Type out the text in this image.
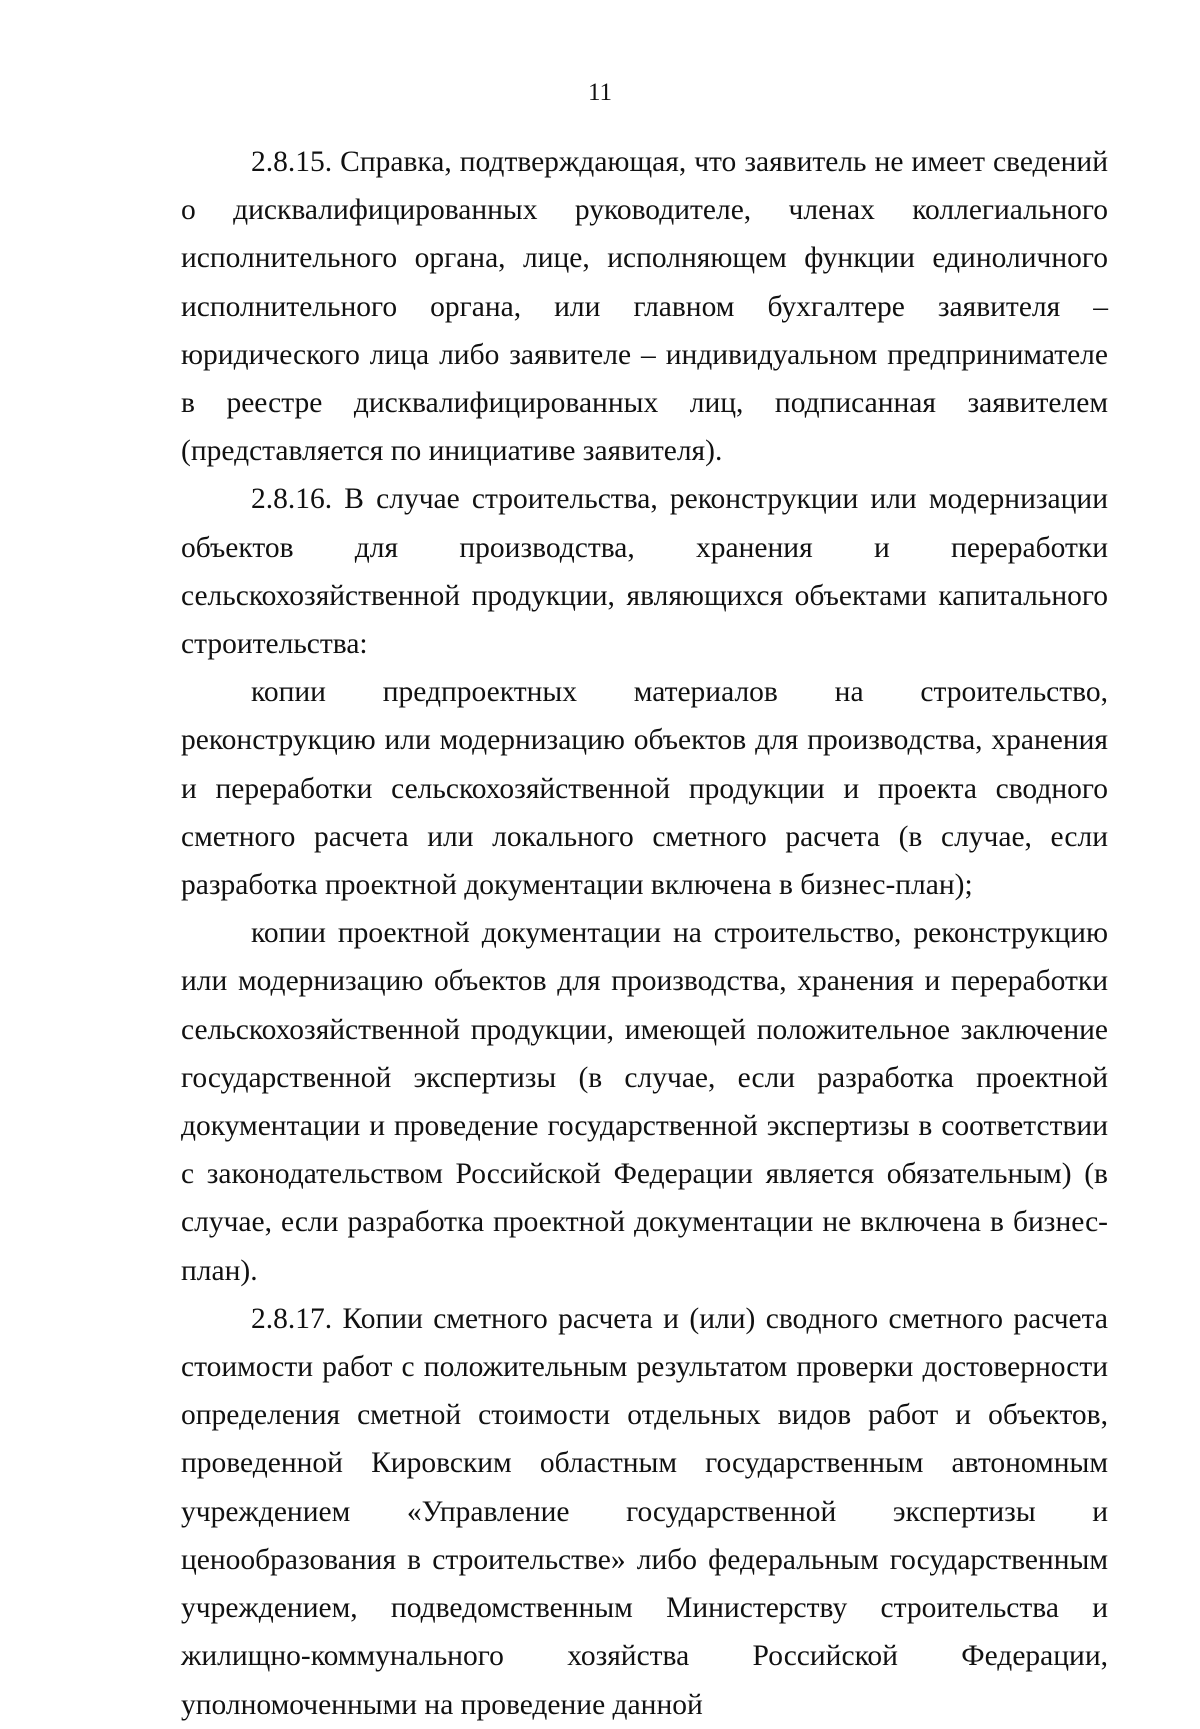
11

2.8.15. Справка, подтверждающая, что заявитель не имеет сведений о дисквалифицированных руководителе, членах коллегиального исполнительного органа, лице, исполняющем функции единоличного исполнительного органа, или главном бухгалтере заявителя – юридического лица либо заявителе – индивидуальном предпринимателе в реестре дисквалифицированных лиц, подписанная заявителем (представляется по инициативе заявителя).

2.8.16. В случае строительства, реконструкции или модернизации объектов для производства, хранения и переработки сельскохозяйственной продукции, являющихся объектами капитального строительства:

копии предпроектных материалов на строительство, реконструкцию или модернизацию объектов для производства, хранения и переработки сельскохозяйственной продукции и проекта сводного сметного расчета или локального сметного расчета (в случае, если разработка проектной документации включена в бизнес-план);

копии проектной документации на строительство, реконструкцию или модернизацию объектов для производства, хранения и переработки сельскохозяйственной продукции, имеющей положительное заключение государственной экспертизы (в случае, если разработка проектной документации и проведение государственной экспертизы в соответствии с законодательством Российской Федерации является обязательным) (в случае, если разработка проектной документации не включена в бизнес-план).

2.8.17. Копии сметного расчета и (или) сводного сметного расчета стоимости работ с положительным результатом проверки достоверности определения сметной стоимости отдельных видов работ и объектов, проведенной Кировским областным государственным автономным учреждением «Управление государственной экспертизы и ценообразования в строительстве» либо федеральным государственным учреждением, подведомственным Министерству строительства и жилищно-коммунального хозяйства Российской Федерации, уполномоченными на проведение данной
